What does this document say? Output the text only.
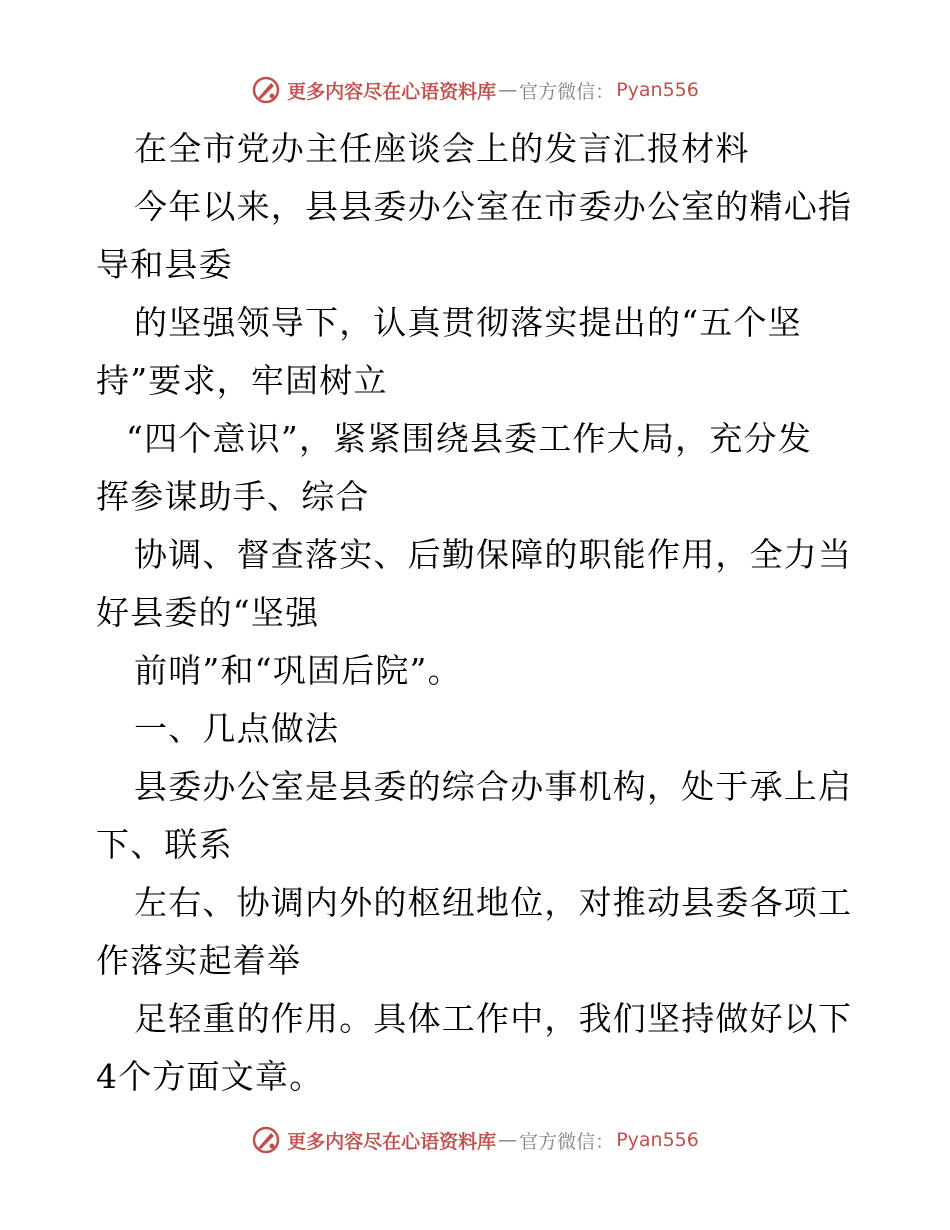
更多内容尽在心语资料库 — 官方微信： Pyan556

在全市党办主任座谈会上的发言汇报材料

今年以来，县县委办公室在市委办公室的精心指

导和县委

的坚强领导下，认真贯彻落实提出的“五个坚

持”要求，牢固树立

“四个意识”，紧紧围绕县委工作大局，充分发

挥参谋助手、综合

协调、督查落实、后勤保障的职能作用，全力当

好县委的“坚强

前哨”和“巩固后院”。

一、几点做法

县委办公室是县委的综合办事机构，处于承上启

下、联系

左右、协调内外的枢纽地位，对推动县委各项工

作落实起着举

足轻重的作用。具体工作中，我们坚持做好以下

4个方面文章。

更多内容尽在心语资料库 — 官方微信： Pyan556
